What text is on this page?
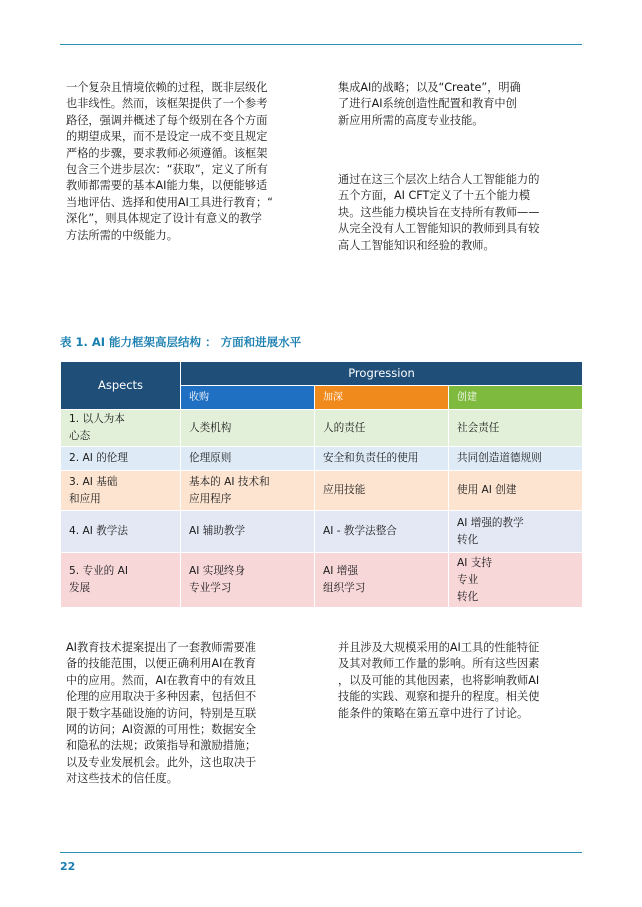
一个复杂且情境依赖的过程，既非层级化
也非线性。然而，该框架提供了一个参考
路径，强调并概述了每个级别在各个方面
的期望成果，而不是设定一成不变且规定
严格的步骤，要求教师必须遵循。该框架
包含三个进步层次：“获取”，定义了所有
教师都需要的基本AI能力集，以便能够适
当地评估、选择和使用AI工具进行教育；“
深化”，则具体规定了设计有意义的教学
方法所需的中级能力。
集成AI的战略；以及“Create”，明确
了进行AI系统创造性配置和教育中创
新应用所需的高度专业技能。
通过在这三个层次上结合人工智能能力的
五个方面，AI CFT定义了十五个能力模
块。这些能力模块旨在支持所有教师——
从完全没有人工智能知识的教师到具有较
高人工智能知识和经验的教师。
表 1. AI 能力框架高层结构 ： 方面和进展水平
Aspects	Progression		
	收购	加深	创建
1. 以人为本
心态	人类机构	人的责任	社会责任
2. AI 的伦理	伦理原则	安全和负责任的使用	共同创造道德规则
3. AI 基础
和应用	基本的 AI 技术和
应用程序	应用技能	使用 AI 创建
4. AI 教学法	AI 辅助教学	AI - 教学法整合	AI 增强的教学
转化
5. 专业的 AI
发展	AI 实现终身
专业学习	AI 增强
组织学习	AI 支持
专业
转化
AI教育技术提案提出了一套教师需要准
备的技能范围，以便正确利用AI在教育
中的应用。然而，AI在教育中的有效且
伦理的应用取决于多种因素，包括但不
限于数字基础设施的访问，特别是互联
网的访问；AI资源的可用性；数据安全
和隐私的法规；政策指导和激励措施；
以及专业发展机会。此外，这也取决于
对这些技术的信任度。
并且涉及大规模采用的AI工具的性能特征
及其对教师工作量的影响。所有这些因素
，以及可能的其他因素，也将影响教师AI
技能的实践、观察和提升的程度。相关使
能条件的策略在第五章中进行了讨论。
22
